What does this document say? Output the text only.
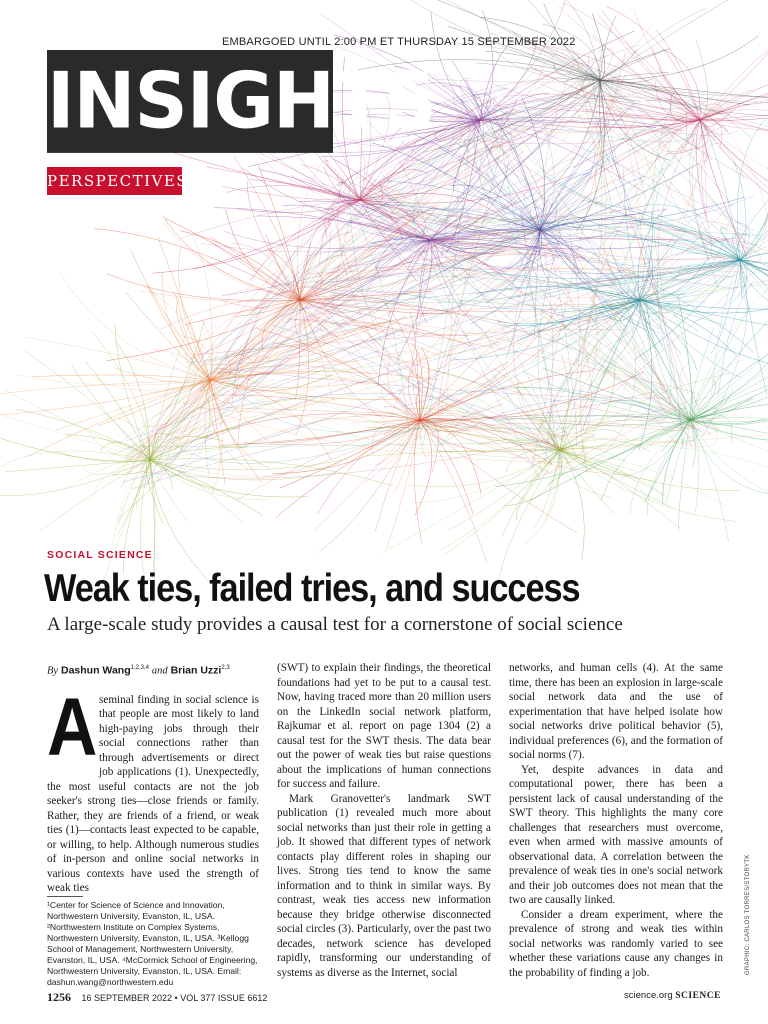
EMBARGOED UNTIL 2:00 PM ET THURSDAY 15 SEPTEMBER 2022
INSIGHTS
PERSPECTIVES
SOCIAL SCIENCE
Weak ties, failed tries, and success
A large-scale study provides a causal test for a cornerstone of social science
By Dashun Wang$^{1,2,3,4}$ and Brian Uzzi$^{2,3}$

Aseminal finding in social science is that people are most likely to land high-paying jobs through their social connections rather than through advertisements or direct job applications (1). Unexpectedly, the most useful contacts are not the job seeker's strong ties—close friends or family. Rather, they are friends of a friend, or weak ties (1)—contacts least expected to be capable, or willing, to help. Although numerous studies of in-person and online social networks in various contexts have used the strength of weak ties

(SWT) to explain their findings, the theoretical foundations had yet to be put to a causal test. Now, having traced more than 20 million users on the LinkedIn social network platform, Rajkumar et al. report on page 1304 (2) a causal test for the SWT thesis. The data bear out the power of weak ties but raise questions about the implications of human connections for success and failure.

Mark Granovetter's landmark SWT publication (1) revealed much more about social networks than just their role in getting a job. It showed that different types of network contacts play different roles in shaping our lives. Strong ties tend to know the same information and to think in similar ways. By contrast, weak ties access new information because they bridge otherwise disconnected social circles (3). Particularly, over the past two decades, network science has developed rapidly, transforming our understanding of systems as diverse as the Internet, social

networks, and human cells (4). At the same time, there has been an explosion in large-scale social network data and the use of experimentation that have helped isolate how social networks drive political behavior (5), individual preferences (6), and the formation of social norms (7).

Yet, despite advances in data and computational power, there has been a persistent lack of causal understanding of the SWT theory. This highlights the many core challenges that researchers must overcome, even when armed with massive amounts of observational data. A correlation between the prevalence of weak ties in one's social network and their job outcomes does not mean that the two are causally linked.

Consider a dream experiment, where the prevalence of strong and weak ties within social networks was randomly varied to see whether these variations cause any changes in the probability of finding a job.

¹Center for Science of Science and Innovation, Northwestern University, Evanston, IL, USA. ²Northwestern Institute on Complex Systems, Northwestern University, Evanston, IL, USA. ³Kellogg School of Management, Northwestern University, Evanston, IL, USA. ⁴McCormick School of Engineering, Northwestern University, Evanston, IL, USA. Email: dashun.wang@northwestern.edu
GRAPHIC: CARLOS TORRES/STORYTK
1256 16 SEPTEMBER 2022 • VOL 377 ISSUE 6612	science.org SCIENCE
